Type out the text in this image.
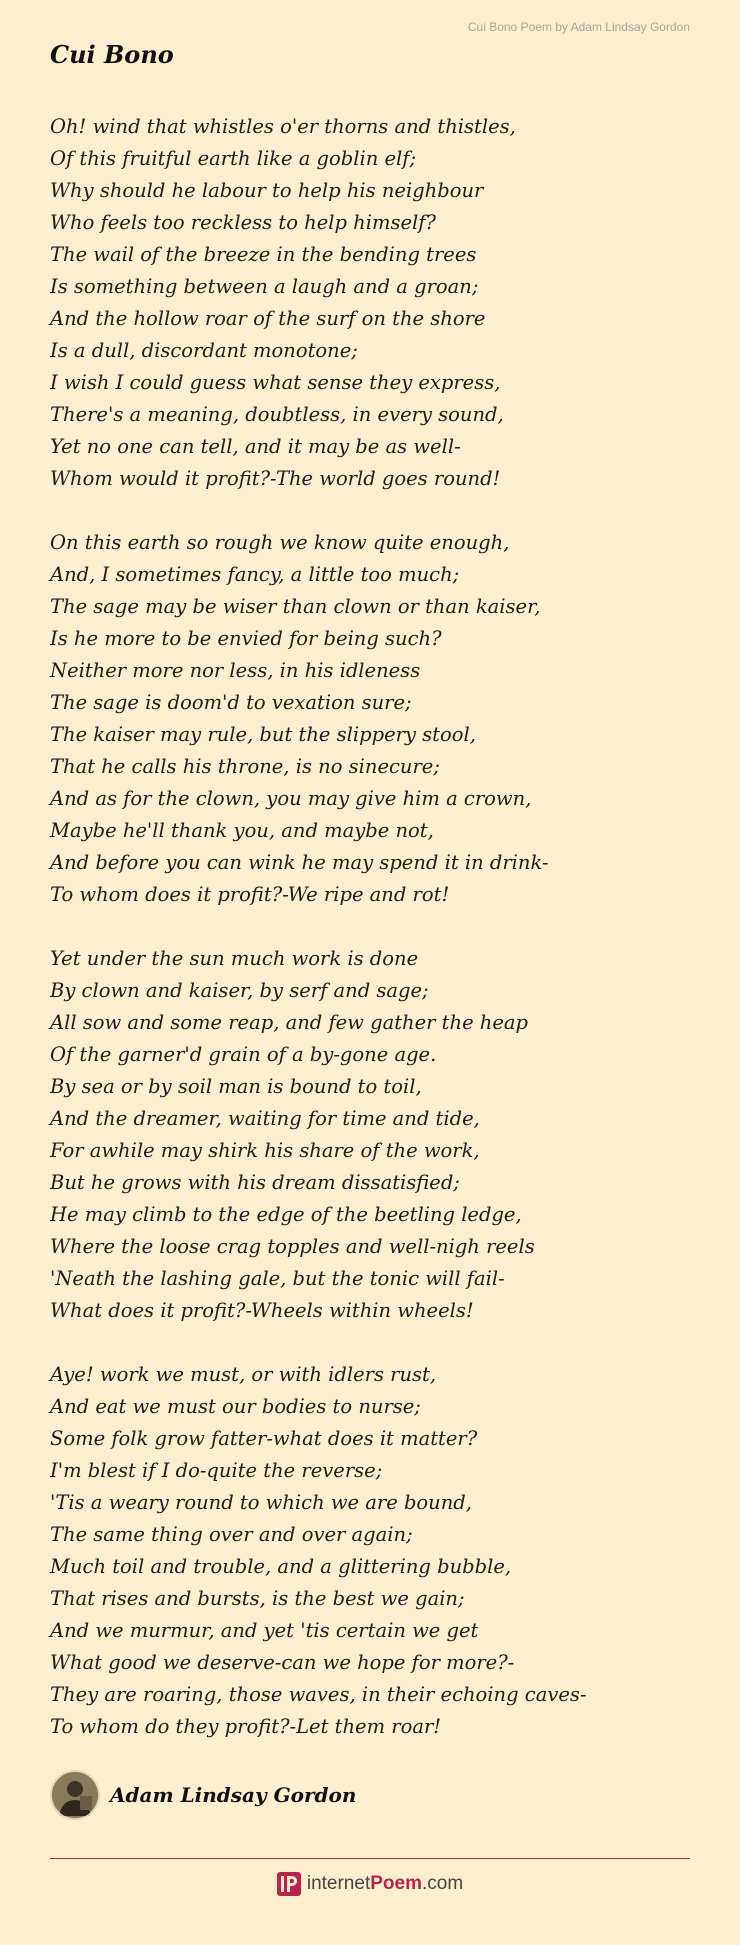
Cui Bono Poem by Adam Lindsay Gordon
Cui Bono
Oh! wind that whistles o'er thorns and thistles,
Of this fruitful earth like a goblin elf;
Why should he labour to help his neighbour
Who feels too reckless to help himself?
The wail of the breeze in the bending trees
Is something between a laugh and a groan;
And the hollow roar of the surf on the shore
Is a dull, discordant monotone;
I wish I could guess what sense they express,
There's a meaning, doubtless, in every sound,
Yet no one can tell, and it may be as well-
Whom would it profit?-The world goes round!
On this earth so rough we know quite enough,
And, I sometimes fancy, a little too much;
The sage may be wiser than clown or than kaiser,
Is he more to be envied for being such?
Neither more nor less, in his idleness
The sage is doom'd to vexation sure;
The kaiser may rule, but the slippery stool,
That he calls his throne, is no sinecure;
And as for the clown, you may give him a crown,
Maybe he'll thank you, and maybe not,
And before you can wink he may spend it in drink-
To whom does it profit?-We ripe and rot!
Yet under the sun much work is done
By clown and kaiser, by serf and sage;
All sow and some reap, and few gather the heap
Of the garner'd grain of a by-gone age.
By sea or by soil man is bound to toil,
And the dreamer, waiting for time and tide,
For awhile may shirk his share of the work,
But he grows with his dream dissatisfied;
He may climb to the edge of the beetling ledge,
Where the loose crag topples and well-nigh reels
'Neath the lashing gale, but the tonic will fail-
What does it profit?-Wheels within wheels!
Aye! work we must, or with idlers rust,
And eat we must our bodies to nurse;
Some folk grow fatter-what does it matter?
I'm blest if I do-quite the reverse;
'Tis a weary round to which we are bound,
The same thing over and over again;
Much toil and trouble, and a glittering bubble,
That rises and bursts, is the best we gain;
And we murmur, and yet 'tis certain we get
What good we deserve-can we hope for more?-
They are roaring, those waves, in their echoing caves-
To whom do they profit?-Let them roar!
Adam Lindsay Gordon
internetPoem.com
